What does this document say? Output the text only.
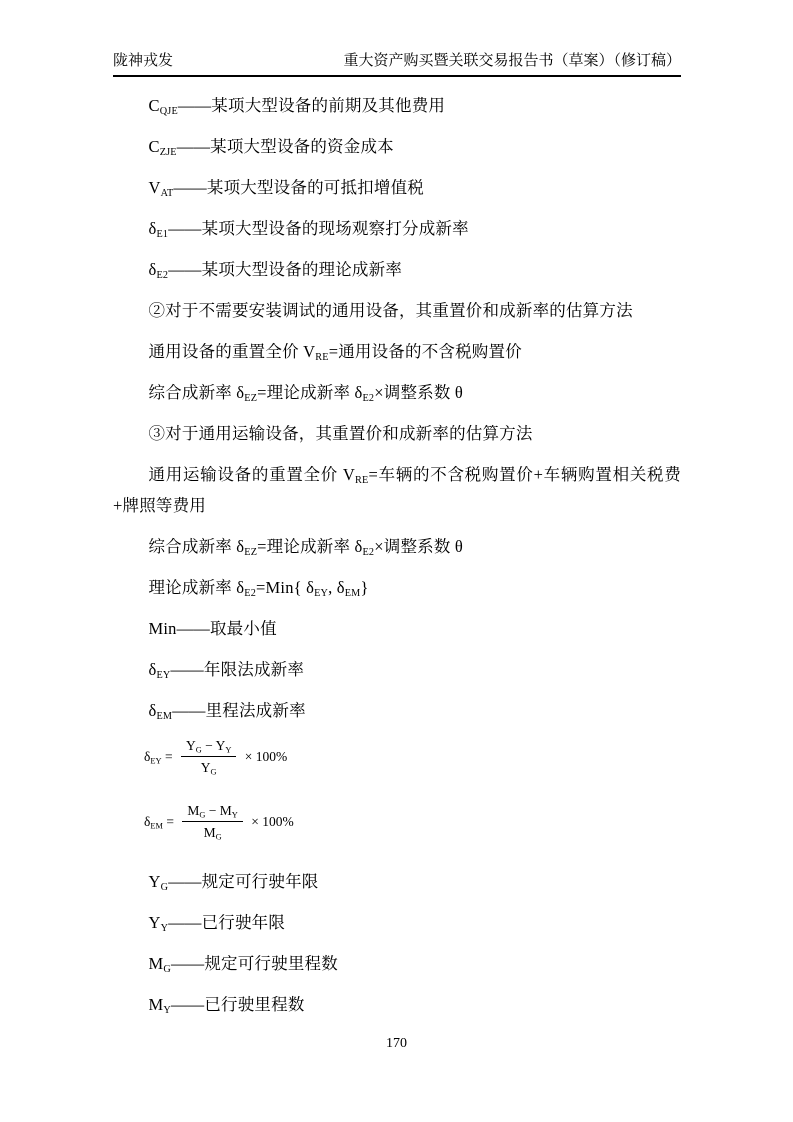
陇神戎发	重大资产购买暨关联交易报告书（草案）（修订稿）

$C_{QJE}——$某项大型设备的前期及其他费用

$C_{ZJE}——$某项大型设备的资金成本

$V_{AT}——$某项大型设备的可抵扣增值税

$\delta_{E1}——$某项大型设备的现场观察打分成新率

$\delta_{E2}——$某项大型设备的理论成新率

②对于不需要安装调试的通用设备，其重置价和成新率的估算方法

通用设备的重置全价 $V_{RE}=$通用设备的不含税购置价

综合成新率 $\delta_{EZ}=$理论成新率 $\delta_{E2}\times$调整系数 θ

③对于通用运输设备，其重置价和成新率的估算方法

通用运输设备的重置全价 $V_{RE}=$车辆的不含税购置价+车辆购置相关税费+牌照等费用

综合成新率 $\delta_{EZ}=$理论成新率 $\delta_{E2}\times$调整系数 θ

理论成新率 $\delta_{E2}=Min${ $\delta_{EY}$, $\delta_{EM}$}

Min——取最小值

$\delta_{EY}——$年限法成新率

$\delta_{EM}——$里程法成新率

$\delta_{EY} = \frac{Y_G - Y_Y}{Y_G} \times 100\%$
$\delta_{EM} = \frac{M_G - M_Y}{M_G} \times 100\%$

$Y_G——$规定可行驶年限

$Y_Y——$已行驶年限

$M_G——$规定可行驶里程数

$M_Y——$已行驶里程数

170
